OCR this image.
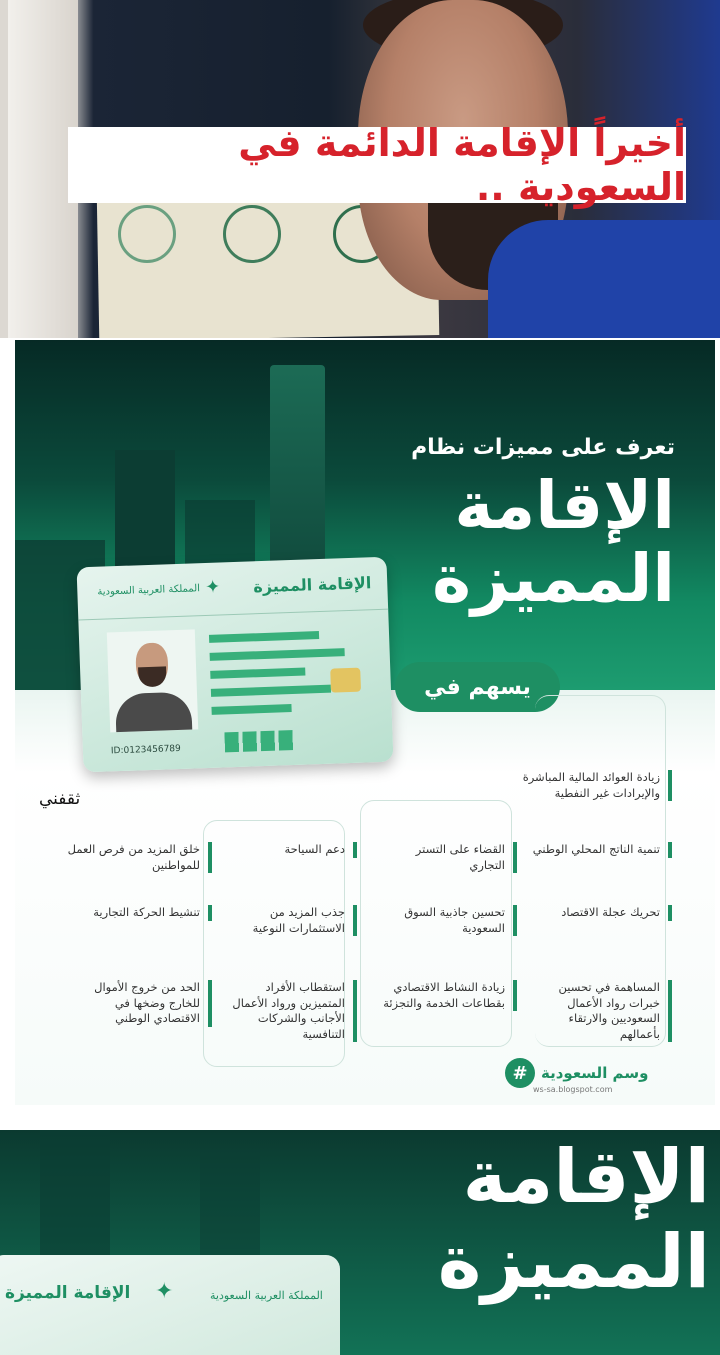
أخيراً الإقامة الدائمة في السعودية ..
تعرف على مميزات نظام
الإقامة
المميزة
الإقامة المميزة
✦
المملكة العربية السعودية
ID:0123456789
يسهم في
زيادة العوائد المالية المباشرة والإيرادات غير النفطية
تنمية الناتج المحلي الوطني
تحريك عجلة الاقتصاد
المساهمة في تحسين خبرات رواد الأعمال السعوديين والارتقاء بأعمالهم
القضاء على التستر التجاري
تحسين جاذبية السوق السعودية
زيادة النشاط الاقتصادي بقطاعات الخدمة والتجزئة
دعم السياحة
جذب المزيد من الاستثمارات النوعية
استقطاب الأفراد المتميزين ورواد الأعمال الأجانب والشركات التنافسية
خلق المزيد من فرص العمل للمواطنين
تنشيط الحركة التجارية
الحد من خروج الأموال للخارج وضخها في الاقتصادي الوطني
وسم السعودية
#
ws-sa.blogspot.com
ثقفني
الإقامة
المميزة
الإقامة المميزة ✦	المملكة العربية السعودية
